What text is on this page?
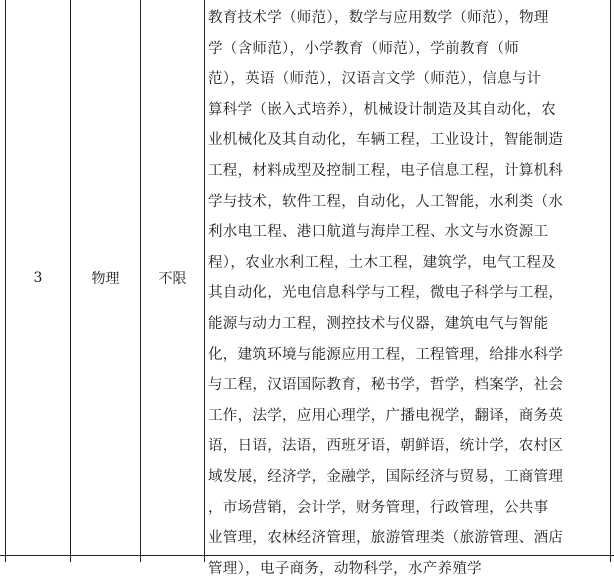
3	物理	不限
教育技术学（师范），数学与应用数学（师范），物理
学（含师范），小学教育（师范），学前教育（师
范），英语（师范），汉语言文学（师范），信息与计
算科学（嵌入式培养），机械设计制造及其自动化，农
业机械化及其自动化，车辆工程，工业设计，智能制造
工程，材料成型及控制工程，电子信息工程，计算机科
学与技术，软件工程，自动化，人工智能，水利类（水
利水电工程、港口航道与海岸工程、水文与水资源工
程），农业水利工程，土木工程，建筑学，电气工程及
其自动化，光电信息科学与工程，微电子科学与工程，
能源与动力工程，测控技术与仪器，建筑电气与智能
化，建筑环境与能源应用工程，工程管理，给排水科学
与工程，汉语国际教育，秘书学，哲学，档案学，社会
工作，法学，应用心理学，广播电视学，翻译，商务英
语，日语，法语，西班牙语，朝鲜语，统计学，农村区
域发展，经济学，金融学，国际经济与贸易，工商管理
，市场营销，会计学，财务管理，行政管理，公共事
业管理，农林经济管理，旅游管理类（旅游管理、酒店
管理），电子商务，动物科学，水产养殖学
